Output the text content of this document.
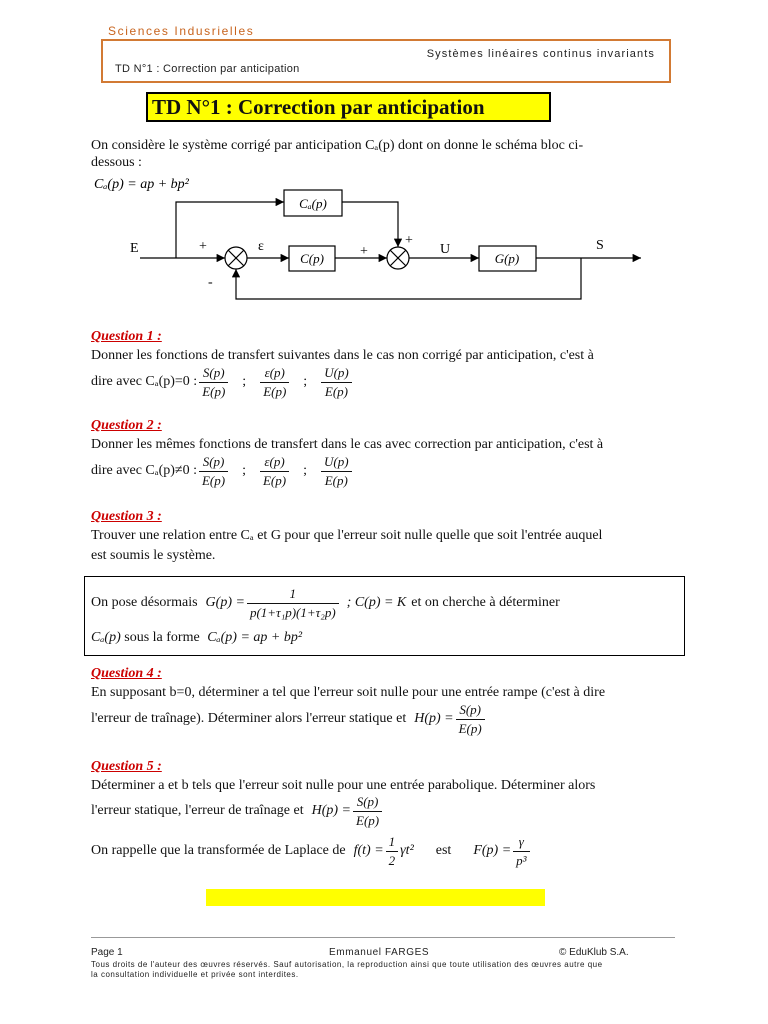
Sciences Indusrielles
Systèmes linéaires continus invariants
TD N°1 : Correction par anticipation
TD N°1 : Correction par anticipation
On considère le système corrigé par anticipation Cₐ(p) dont on donne le schéma bloc ci-
dessous :
Cₐ(p) = ap + bp²
Cₐ(p)
C(p)	G(p)
E	+	ε
-
+
+
U	S
Question 1 :
Donner les fonctions de transfert suivantes dans le cas non corrigé par anticipation, c'est à
dire avec Cₐ(p)=0 : $\frac{S(p)}{E(p)}$ ; $\frac{\varepsilon(p)}{E(p)}$ ; $\frac{U(p)}{E(p)}$
Question 2 :
Donner les mêmes fonctions de transfert dans le cas avec correction par anticipation, c'est à
dire avec Cₐ(p)≠0 : $\frac{S(p)}{E(p)}$ ; $\frac{\varepsilon(p)}{E(p)}$ ; $\frac{U(p)}{E(p)}$
Question 3 :
Trouver une relation entre Cₐ et G pour que l'erreur soit nulle quelle que soit l'entrée auquel
est soumis le système.
On pose désormais $G(p) = \frac{1}{\text{p(1+τ₁p)(1+τ₂p)}}$ ; C(p) = K et on cherche à déterminer
Cₐ(p) sous la forme Cₐ(p) = ap + bp²
Question 4 :
En supposant b=0, déterminer a tel que l'erreur soit nulle pour une entrée rampe (c'est à dire
l'erreur de traînage). Déterminer alors l'erreur statique et $H(p) = \frac{S(p)}{E(p)}$
Question 5 :
Déterminer a et b tels que l'erreur soit nulle pour une entrée parabolique. Déterminer alors
l'erreur statique, l'erreur de traînage et $H(p) = \frac{S(p)}{E(p)}$
On rappelle que la transformée de Laplace de $f(t) = \frac{1}{2} \gamma t^2$ est $F(p) = \frac{\gamma}{\text{p³}}$
Page 1	Emmanuel FARGES	© EduKlub S.A.
Tous droits de l'auteur des œuvres réservés. Sauf autorisation, la reproduction ainsi que toute utilisation des œuvres autre que
la consultation individuelle et privée sont interdites.
